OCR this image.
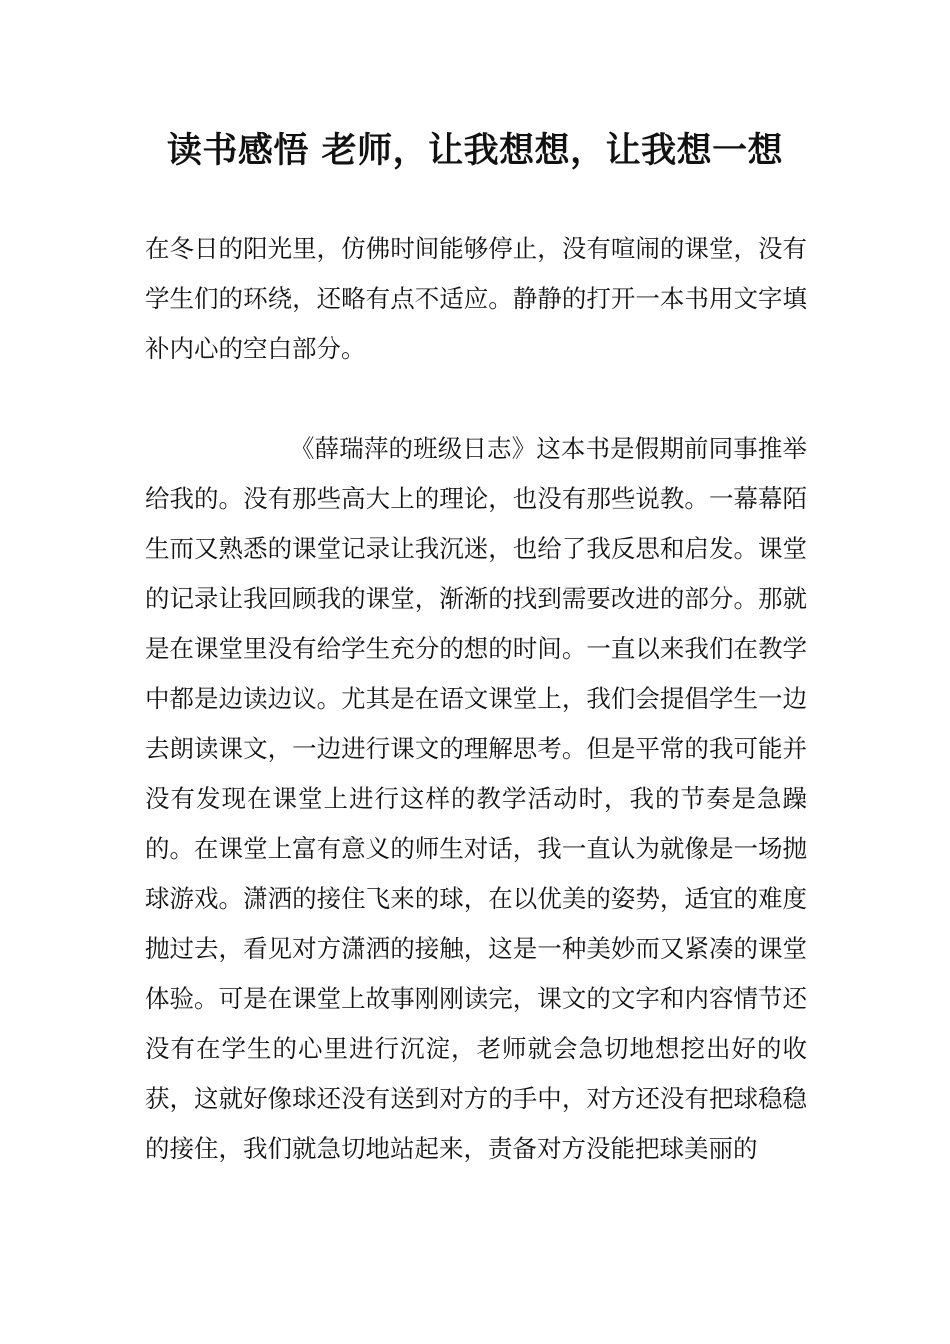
读书感悟 老师，让我想想，让我想一想

在冬日的阳光里，仿佛时间能够停止，没有喧闹的课堂，没有学生们的环绕，还略有点不适应。静静的打开一本书用文字填补内心的空白部分。

《薛瑞萍的班级日志》这本书是假期前同事推举给我的。没有那些高大上的理论，也没有那些说教。一幕幕陌生而又熟悉的课堂记录让我沉迷，也给了我反思和启发。课堂的记录让我回顾我的课堂，渐渐的找到需要改进的部分。那就是在课堂里没有给学生充分的想的时间。一直以来我们在教学中都是边读边议。尤其是在语文课堂上，我们会提倡学生一边去朗读课文，一边进行课文的理解思考。但是平常的我可能并没有发现在课堂上进行这样的教学活动时，我的节奏是急躁的。在课堂上富有意义的师生对话，我一直认为就像是一场抛球游戏。潇洒的接住飞来的球，在以优美的姿势，适宜的难度抛过去，看见对方潇洒的接触，这是一种美妙而又紧凑的课堂体验。可是在课堂上故事刚刚读完，课文的文字和内容情节还没有在学生的心里进行沉淀，老师就会急切地想挖出好的收获，这就好像球还没有送到对方的手中，对方还没有把球稳稳的接住，我们就急切地站起来，责备对方没能把球美丽的
